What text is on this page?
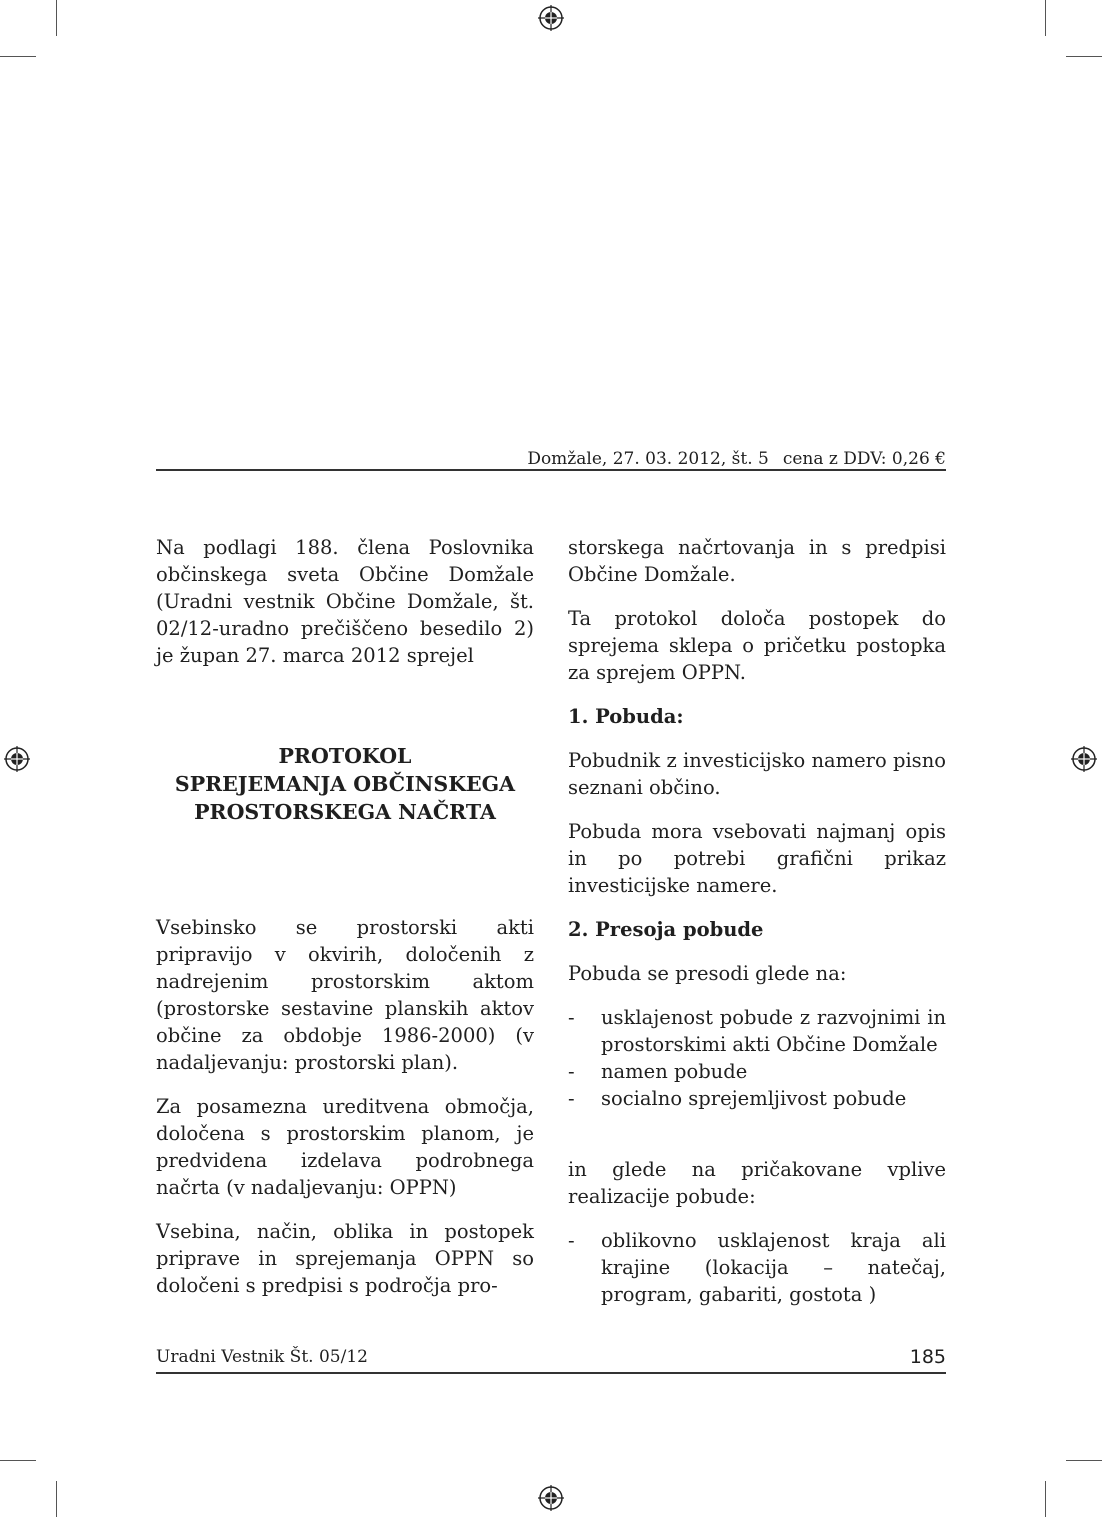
Domžale, 27. 03. 2012, št. 5 cena z DDV: 0,26 €

Na podlagi 188. člena Poslovnika občinskega sveta Občine Domžale (Uradni vestnik Občine Domžale, št. 02/12-uradno prečiščeno besedilo 2) je župan 27. marca 2012 sprejel

PROTOKOL
SPREJEMANJA OBČINSKEGA
PROSTORSKEGA NAČRTA

Vsebinsko se prostorski akti pripravijo v okvirih, določenih z nadrejenim prostorskim aktom (prostorske sestavine planskih aktov občine za obdobje 1986-2000) (v nadaljevanju: prostorski plan).

Za posamezna ureditvena območja, določena s prostorskim planom, je predvidena izdelava podrobnega načrta (v nadaljevanju: OPPN)

Vsebina, način, oblika in postopek priprave in sprejemanja OPPN so določeni s predpisi s področja pro-

storskega načrtovanja in s predpisi Občine Domžale.

Ta protokol določa postopek do sprejema sklepa o pričetku postopka za sprejem OPPN.

1. Pobuda:

Pobudnik z investicijsko namero pisno seznani občino.

Pobuda mora vsebovati najmanj opis in po potrebi grafični prikaz investicijske namere.

2. Presoja pobude

Pobuda se presodi glede na:

- usklajenost pobude z razvojnimi in prostorskimi akti Občine Domžale
- namen pobude
- socialno sprejemljivost pobude

in glede na pričakovane vplive realizacije pobude:

- oblikovno usklajenost kraja ali krajine (lokacija – natečaj, program, gabariti, gostota )
Uradni Vestnik Št. 05/12	185
